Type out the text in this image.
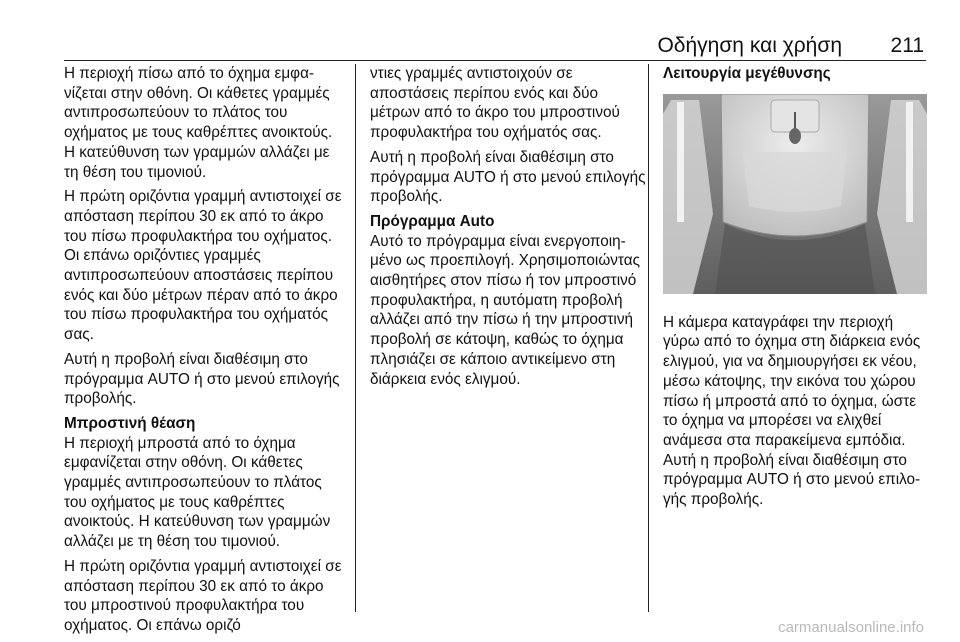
Οδήγηση και χρήση 211

Η περιοχή πίσω από το όχημα εμφανίζεται στην οθόνη. Οι κάθετες γραμμές αντιπροσωπεύουν το πλάτος του οχήματος με τους καθρέπτες ανοικτούς. Η κατεύθυνση των γραμμών αλλάζει με τη θέση του τιμονιού.

Η πρώτη οριζόντια γραμμή αντιστοιχεί σε απόσταση περίπου 30 εκ από το άκρο του πίσω προφυλακτήρα του οχήματος. Οι επάνω οριζόντιες γραμμές αντιπροσωπεύουν αποστάσεις περίπου ενός και δύο μέτρων πέραν από το άκρο του πίσω προφυλακτήρα του οχήματός σας.

Αυτή η προβολή είναι διαθέσιμη στο πρόγραμμα AUTO ή στο μενού επιλογής προβολής.

Μπροστινή θέαση

Η περιοχή μπροστά από το όχημα εμφανίζεται στην οθόνη. Οι κάθετες γραμμές αντιπροσωπεύουν το πλάτος του οχήματος με τους καθρέπτες ανοικτούς. Η κατεύθυνση των γραμμών αλλάζει με τη θέση του τιμονιού.

Η πρώτη οριζόντια γραμμή αντιστοιχεί σε απόσταση περίπου 30 εκ από το άκρο του μπροστινού προφυλακτήρα του οχήματος. Οι επάνω οριζό

ντιες γραμμές αντιστοιχούν σε αποστάσεις περίπου ενός και δύο μέτρων από το άκρο του μπροστινού προφυλακτήρα του οχήματός σας.

Αυτή η προβολή είναι διαθέσιμη στο πρόγραμμα AUTO ή στο μενού επιλογής προβολής.

Πρόγραμμα Auto

Αυτό το πρόγραμμα είναι ενεργοποιημένο ως προεπιλογή. Χρησιμοποιώντας αισθητήρες στον πίσω ή τον μπροστινό προφυλακτήρα, η αυτόματη προβολή αλλάζει από την πίσω ή την μπροστινή προβολή σε κάτοψη, καθώς το όχημα πλησιάζει σε κάποιο αντικείμενο στη διάρκεια ενός ελιγμού.

Λειτουργία μεγέθυνσης

Η κάμερα καταγράφει την περιοχή γύρω από το όχημα στη διάρκεια ενός ελιγμού, για να δημιουργήσει εκ νέου, μέσω κάτοψης, την εικόνα του χώρου πίσω ή μπροστά από το όχημα, ώστε το όχημα να μπορέσει να ελιχθεί ανάμεσα στα παρακείμενα εμπόδια. Αυτή η προβολή είναι διαθέσιμη στο πρόγραμμα AUTO ή στο μενού επιλογής προβολής.

carmanualsonline.info
